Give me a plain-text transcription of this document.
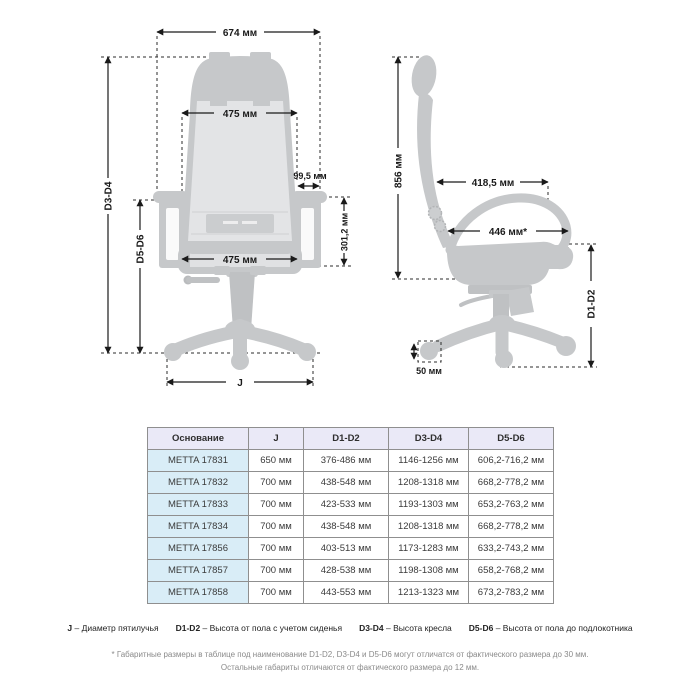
674 мм
D3-D4
D5-D6
475 мм
475 мм
99,5 мм
301,2 мм
J
856 мм	418,5 мм
446 мм*
D1-D2
50 мм
Основание	J	D1-D2	D3-D4	D5-D6
METTA 17831	650 мм	376-486 мм	1146-1256 мм	606,2-716,2 мм
METTA 17832	700 мм	438-548 мм	1208-1318 мм	668,2-778,2 мм
METTA 17833	700 мм	423-533 мм	1193-1303 мм	653,2-763,2 мм
METTA 17834	700 мм	438-548 мм	1208-1318 мм	668,2-778,2 мм
METTA 17856	700 мм	403-513 мм	1173-1283 мм	633,2-743,2 мм
METTA 17857	700 мм	428-538 мм	1198-1308 мм	658,2-768,2 мм
METTA 17858	700 мм	443-553 мм	1213-1323 мм	673,2-783,2 мм
J – Диаметр пятилучья D1-D2 – Высота от пола с учетом сиденья D3-D4 – Высота кресла D5-D6 – Высота от пола до подлокотника
* Габаритные размеры в таблице под наименование D1-D2, D3-D4 и D5-D6 могут отличатся от фактического размера до 30 мм.
Остальные габариты отличаются от фактического размера до 12 мм.
